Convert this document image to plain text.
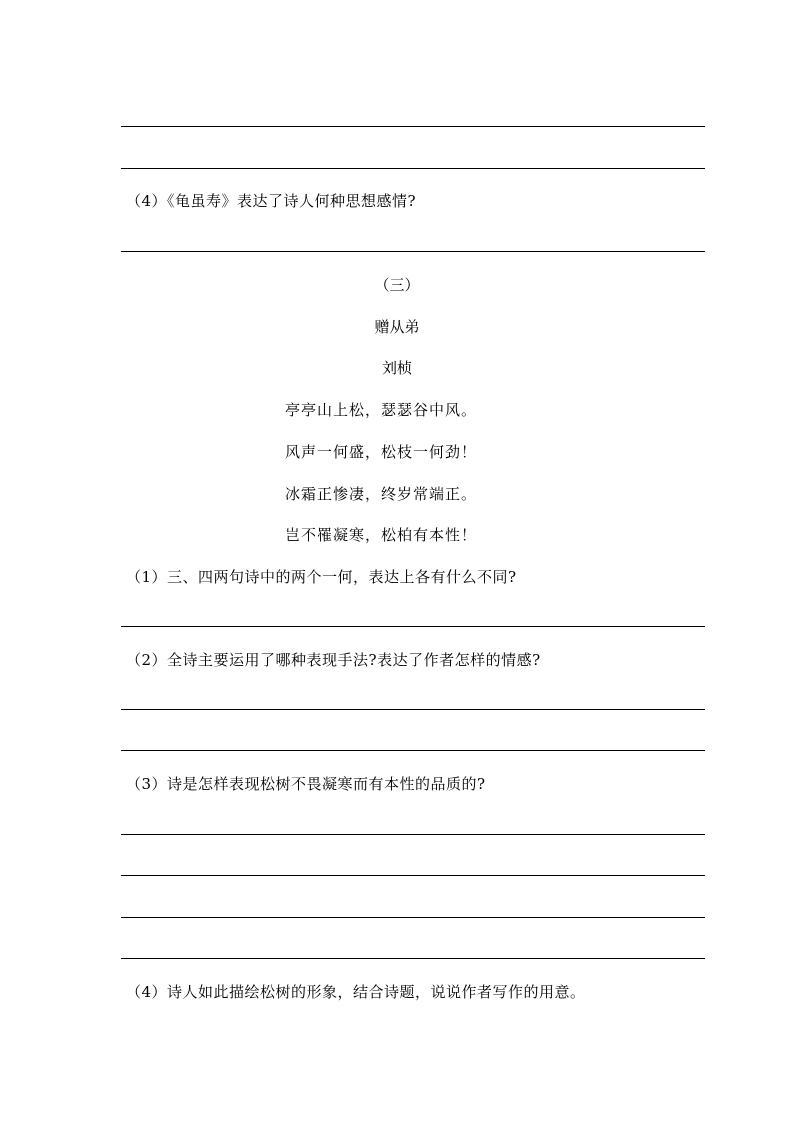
（4）《龟虽寿》表达了诗人何种思想感情?
（三）
赠从弟
刘桢
亭亭山上松，瑟瑟谷中风。
风声一何盛，松枝一何劲！
冰霜正惨凄，终岁常端正。
岂不罹凝寒，松柏有本性！
（1）三、四两句诗中的两个一何，表达上各有什么不同?
（2）全诗主要运用了哪种表现手法?表达了作者怎样的情感?
（3）诗是怎样表现松树不畏凝寒而有本性的品质的?
（4）诗人如此描绘松树的形象，结合诗题，说说作者写作的用意。
